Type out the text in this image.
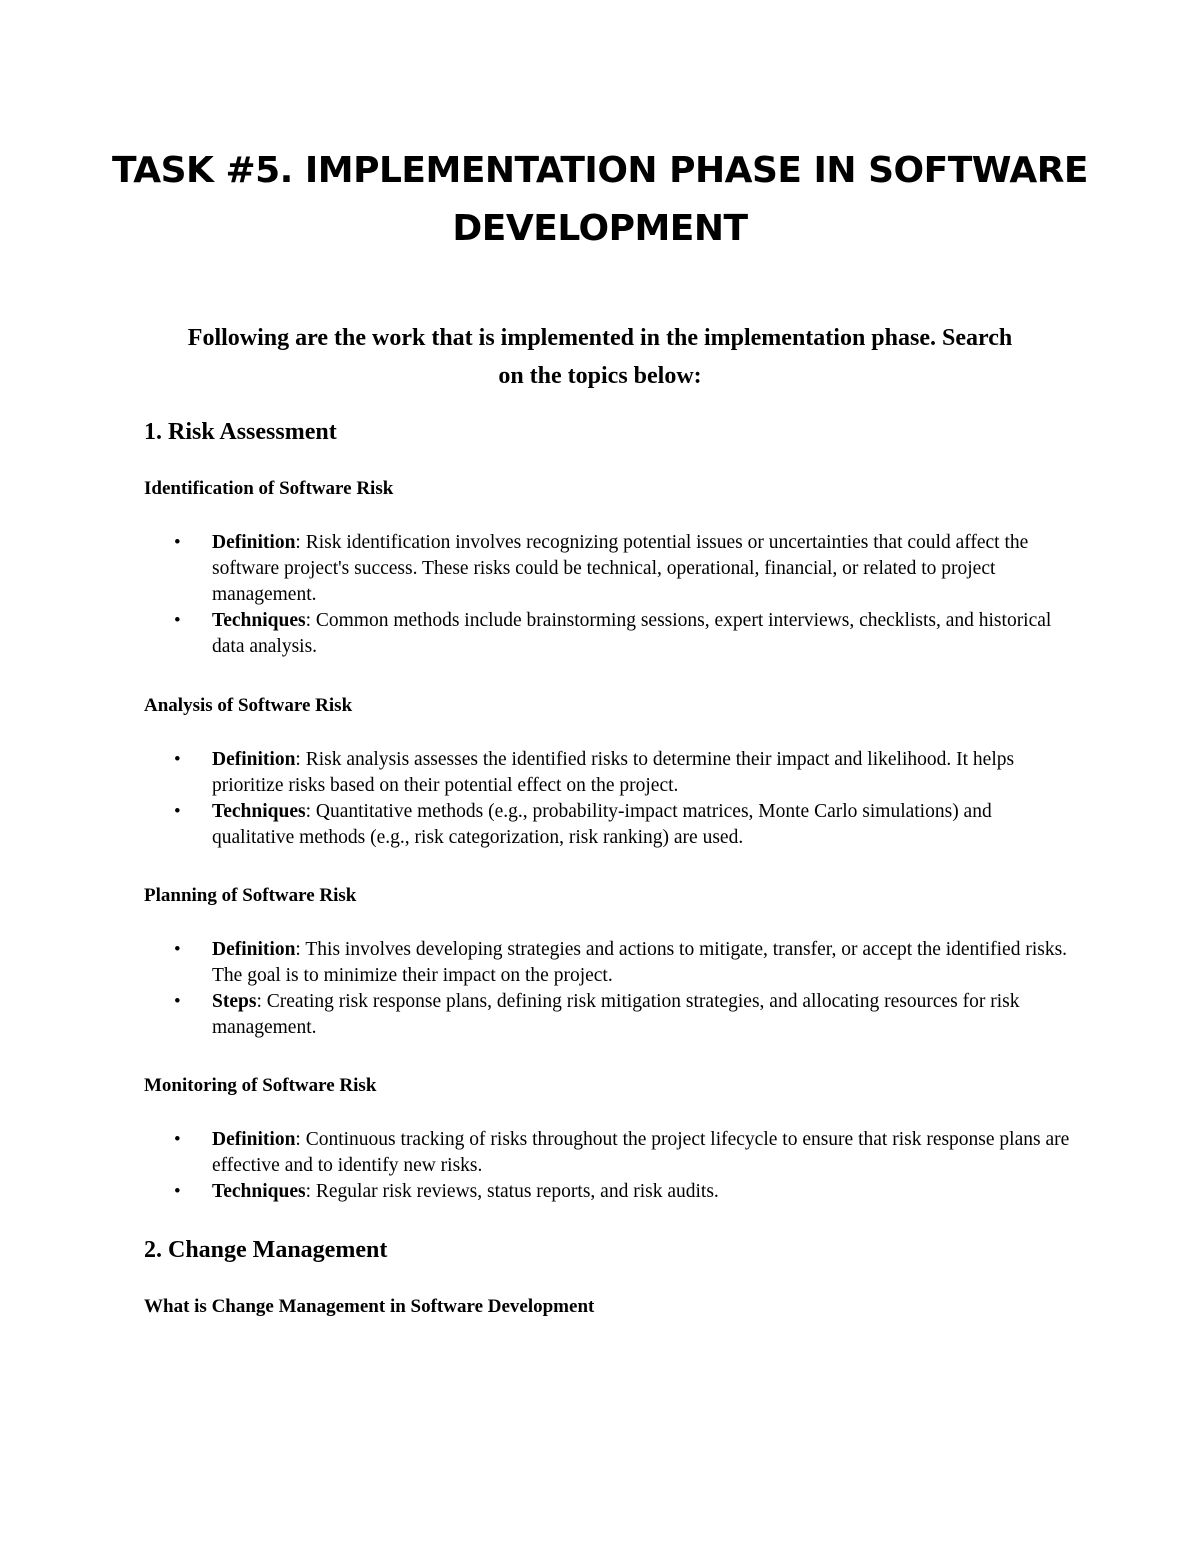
TASK #5. IMPLEMENTATION PHASE IN SOFTWARE DEVELOPMENT

Following are the work that is implemented in the implementation phase. Search on the topics below:

1. Risk Assessment
Identification of Software Risk
• Definition: Risk identification involves recognizing potential issues or uncertainties that could affect the software project's success. These risks could be technical, operational, financial, or related to project management.
• Techniques: Common methods include brainstorming sessions, expert interviews, checklists, and historical data analysis.
Analysis of Software Risk
• Definition: Risk analysis assesses the identified risks to determine their impact and likelihood. It helps prioritize risks based on their potential effect on the project.
• Techniques: Quantitative methods (e.g., probability-impact matrices, Monte Carlo simulations) and qualitative methods (e.g., risk categorization, risk ranking) are used.
Planning of Software Risk
• Definition: This involves developing strategies and actions to mitigate, transfer, or accept the identified risks. The goal is to minimize their impact on the project.
• Steps: Creating risk response plans, defining risk mitigation strategies, and allocating resources for risk management.
Monitoring of Software Risk
• Definition: Continuous tracking of risks throughout the project lifecycle to ensure that risk response plans are effective and to identify new risks.
• Techniques: Regular risk reviews, status reports, and risk audits.
2. Change Management
What is Change Management in Software Development
